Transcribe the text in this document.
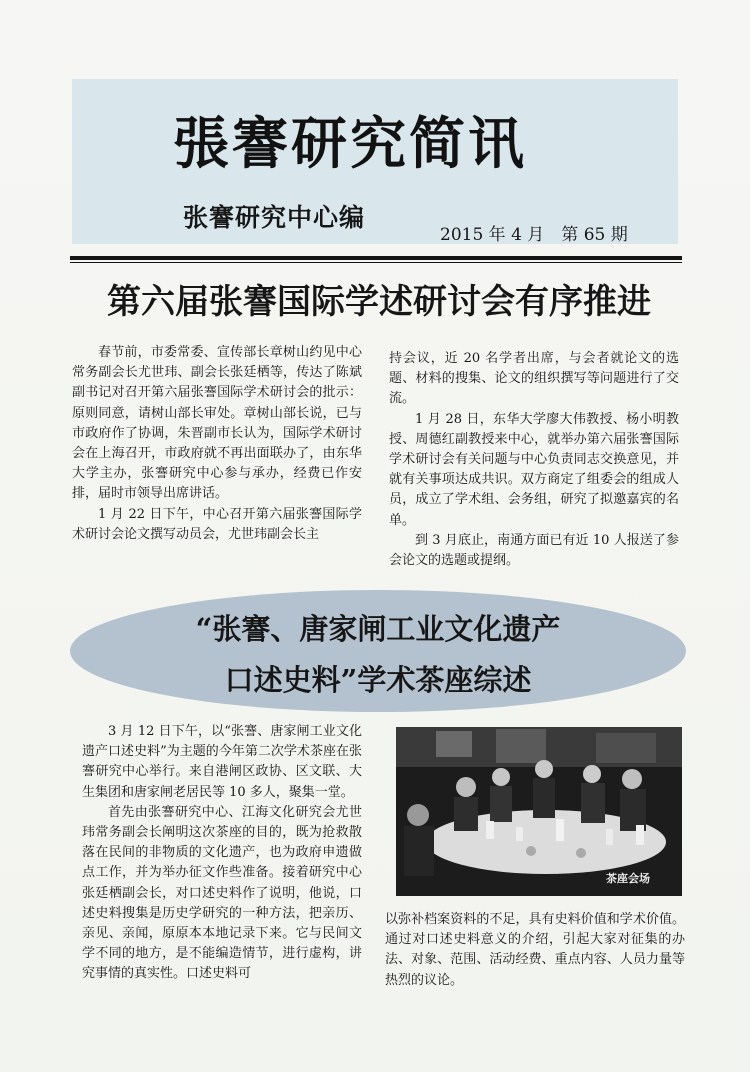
張謇研究简讯
张謇研究中心编
2015 年 4 月　第 65 期
第六届张謇国际学述研讨会有序推进

春节前，市委常委、宣传部长章树山约见中心常务副会长尤世玮、副会长张廷栖等，传达了陈斌副书记对召开第六届张謇国际学术研讨会的批示：原则同意，请树山部长审处。章树山部长说，已与市政府作了协调，朱晋副市长认为，国际学术研讨会在上海召开，市政府就不再出面联办了，由东华大学主办，张謇研究中心参与承办，经费已作安排，届时市领导出席讲话。

1 月 22 日下午，中心召开第六届张謇国际学术研讨会论文撰写动员会，尤世玮副会长主

持会议，近 20 名学者出席，与会者就论文的选题、材料的搜集、论文的组织撰写等问题进行了交流。

1 月 28 日，东华大学廖大伟教授、杨小明教授、周德红副教授来中心，就举办第六届张謇国际学术研讨会有关问题与中心负责同志交换意见，并就有关事项达成共识。双方商定了组委会的组成人员，成立了学术组、会务组，研究了拟邀嘉宾的名单。

到 3 月底止，南通方面已有近 10 人报送了参会论文的选题或提纲。

“张謇、唐家闸工业文化遗产
口述史料”学术茶座综述

3 月 12 日下午，以“张謇、唐家闸工业文化遗产口述史料”为主题的今年第二次学术茶座在张謇研究中心举行。来自港闸区政协、区文联、大生集团和唐家闸老居民等 10 多人，聚集一堂。

首先由张謇研究中心、江海文化研究会尤世玮常务副会长阐明这次茶座的目的，既为抢救散落在民间的非物质的文化遗产，也为政府申遗做点工作，并为举办征文作些准备。接着研究中心张廷栖副会长，对口述史料作了说明，他说，口述史料搜集是历史学研究的一种方法，把亲历、亲见、亲闻，原原本本地记录下来。它与民间文学不同的地方，是不能编造情节，进行虚构，讲究事情的真实性。口述史料可

茶座会场

以弥补档案资料的不足，具有史料价值和学术价值。通过对口述史料意义的介绍，引起大家对征集的办法、对象、范围、活动经费、重点内容、人员力量等热烈的议论。
